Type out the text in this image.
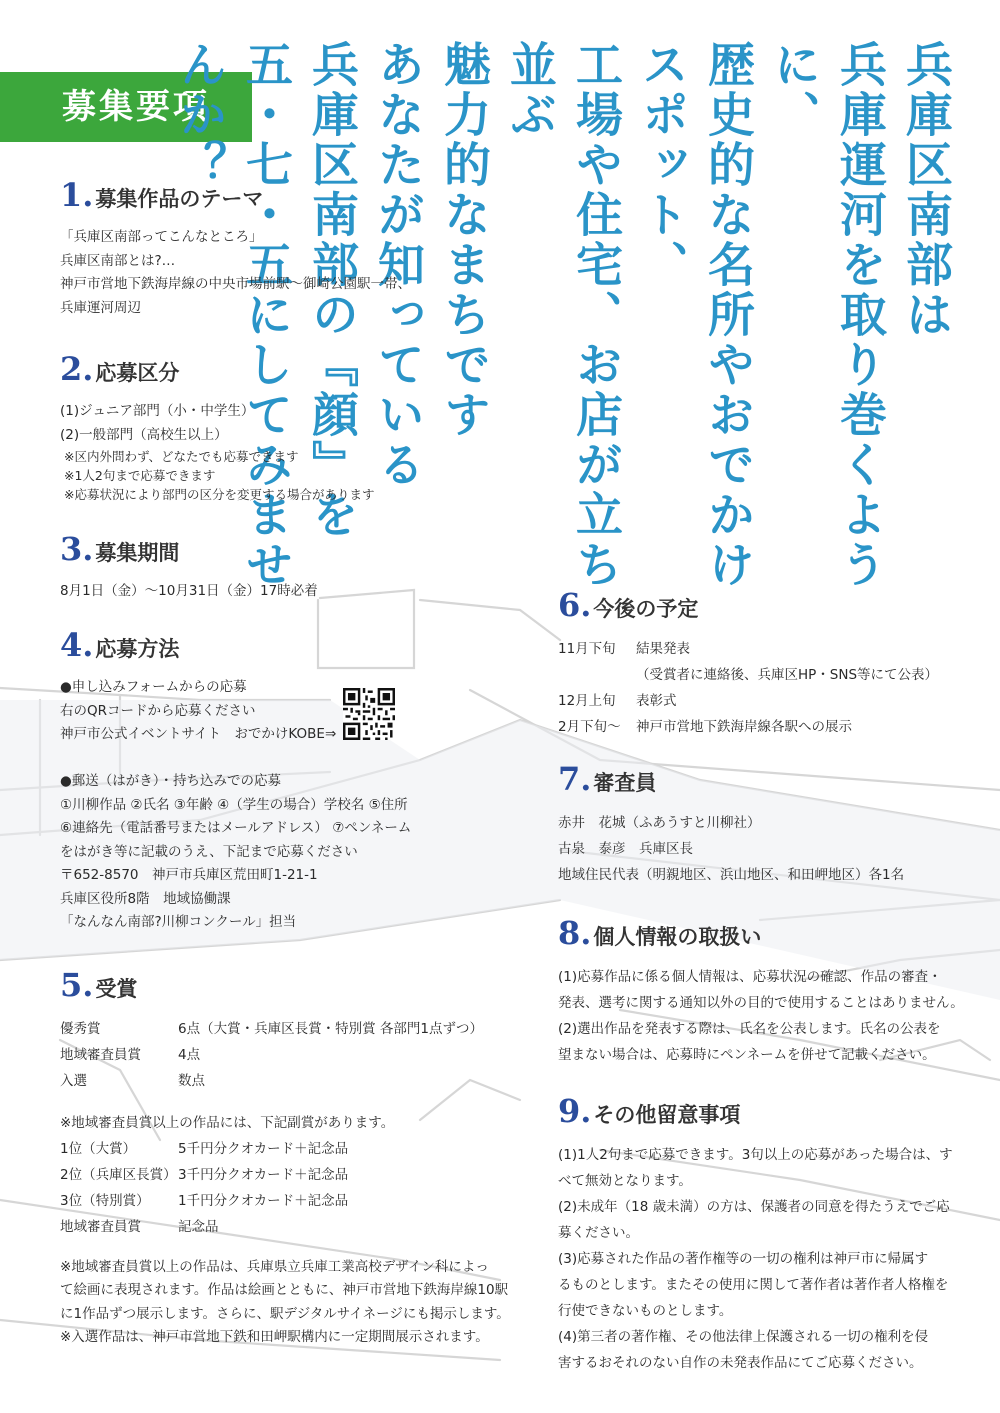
募集要項	兵庫区南部は
兵庫運河を取り巻くように、
歴史的な名所やおでかけスポット、
工場や住宅、お店が立ち並ぶ
魅力的なまちです
あなたが知っている
兵庫区南部の『顔』を
五・七・五にしてみませんか？
1. 募集作品のテーマ
「兵庫区南部ってこんなところ」
兵庫区南部とは?…
神戸市営地下鉄海岸線の中央市場前駅〜御崎公園駅一帯、
兵庫運河周辺
2. 応募区分
(1)ジュニア部門（小・中学生）
(2)一般部門（高校生以上）
※区内外問わず、どなたでも応募できます
※1人2句まで応募できます
※応募状況により部門の区分を変更する場合があります
3. 募集期間
8月1日（金）〜10月31日（金）17時必着
4. 応募方法
●申し込みフォームからの応募
右のQRコードから応募ください
神戸市公式イベントサイト　おでかけKOBE⇒
●郵送（はがき）・持ち込みでの応募
①川柳作品 ②氏名 ③年齢 ④（学生の場合）学校名 ⑤住所
⑥連絡先（電話番号またはメールアドレス） ⑦ペンネーム
をはがき等に記載のうえ、下記まで応募ください
〒652-8570　神戸市兵庫区荒田町1-21-1
兵庫区役所8階　地域協働課
「なんなん南部?川柳コンクール」担当
5. 受賞
優秀賞	6点（大賞・兵庫区長賞・特別賞 各部門1点ずつ）
地域審査員賞	4点
入選	数点
※地域審査員賞以上の作品には、下記副賞があります。
1位（大賞）	5千円分クオカード＋記念品
2位（兵庫区長賞） 3千円分クオカード＋記念品
3位（特別賞）	1千円分クオカード＋記念品
地域審査員賞	記念品
※地域審査員賞以上の作品は、兵庫県立兵庫工業高校デザイン科によっ
て絵画に表現されます。作品は絵画とともに、神戸市営地下鉄海岸線10駅
に1作品ずつ展示します。さらに、駅デジタルサイネージにも掲示します。
※入選作品は、神戸市営地下鉄和田岬駅構内に一定期間展示されます。
6. 今後の予定
11月下旬	結果発表
（受賞者に連絡後、兵庫区HP・SNS等にて公表）
12月上旬	表彰式
2月下旬〜	神戸市営地下鉄海岸線各駅への展示
7. 審査員
赤井　花城（ふあうすと川柳社）
古泉　泰彦　兵庫区長
地域住民代表（明親地区、浜山地区、和田岬地区）各1名
8. 個人情報の取扱い
(1)応募作品に係る個人情報は、応募状況の確認、作品の審査・
発表、選考に関する通知以外の目的で使用することはありません。
(2)選出作品を発表する際は、氏名を公表します。氏名の公表を
望まない場合は、応募時にペンネームを併せて記載ください。
9. その他留意事項
(1)1人2句まで応募できます。3句以上の応募があった場合は、す
べて無効となります。
(2)未成年（18 歳未満）の方は、保護者の同意を得たうえでご応
募ください。
(3)応募された作品の著作権等の一切の権利は神戸市に帰属す
るものとします。またその使用に関して著作者は著作者人格権を
行使できないものとします。
(4)第三者の著作権、その他法律上保護される一切の権利を侵
害するおそれのない自作の未発表作品にてご応募ください。
